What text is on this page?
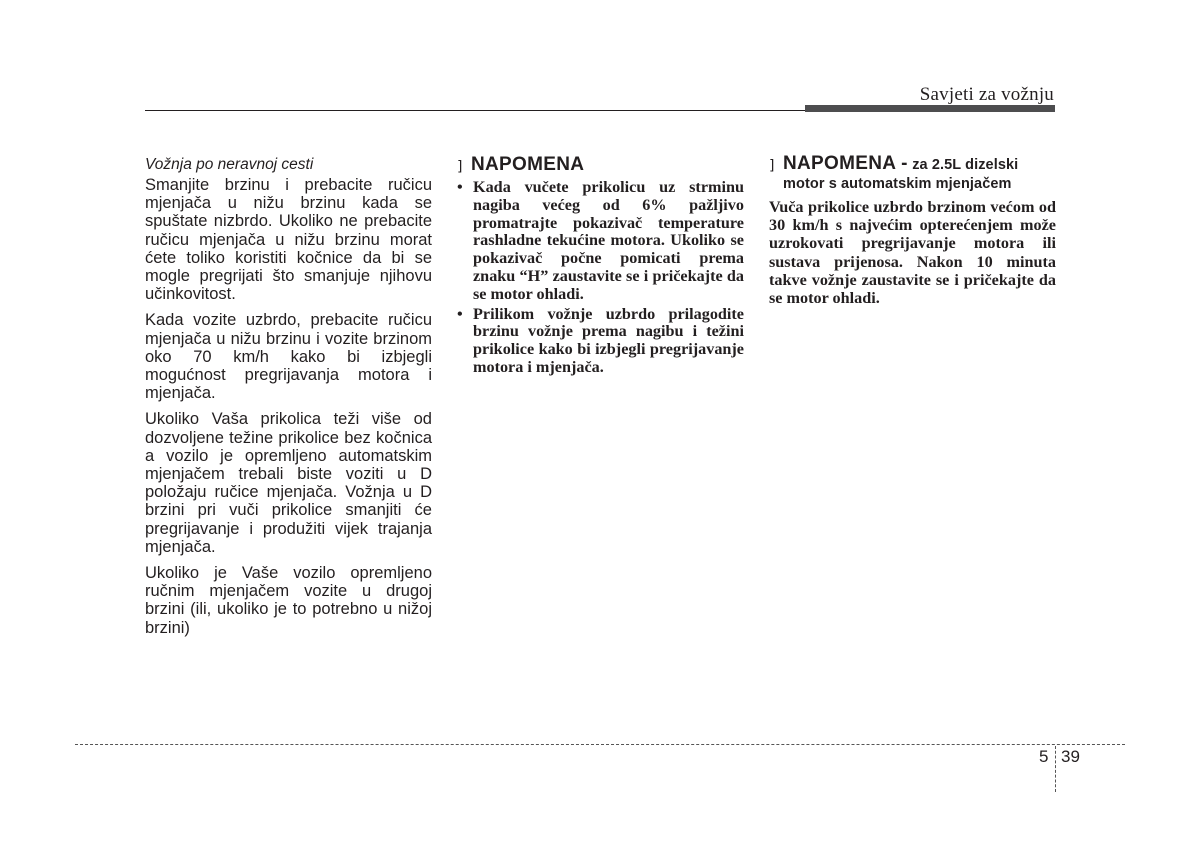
Savjeti za vožnju
Vožnja po neravnoj cesti

Smanjite brzinu i prebacite ručicu mjenjača u nižu brzinu kada se spuštate nizbrdo. Ukoliko ne prebacite ručicu mjenjača u nižu brzinu morat ćete toliko koristiti kočnice da bi se mogle pregrijati što smanjuje njihovu učinkovitost.

Kada vozite uzbrdo, prebacite ručicu mjenjača u nižu brzinu i vozite brzinom oko 70 km/h kako bi izbjegli mogućnost pregrijavanja motora i mjenjača.

Ukoliko Vaša prikolica teži više od dozvoljene težine prikolice bez kočnica a vozilo je opremljeno automatskim mjenjačem trebali biste voziti u D položaju ručice mjenjača. Vožnja u D brzini pri vuči prikolice smanjiti će pregrijavanje i produžiti vijek trajanja mjenjača.

Ukoliko je Vaše vozilo opremljeno ručnim mjenjačem vozite u drugoj brzini (ili, ukoliko je to potrebno u nižoj brzini)

] NAPOMENA
• Kada vučete prikolicu uz strminu nagiba većeg od 6% pažljivo promatrajte pokazivač temperature rashladne tekućine motora. Ukoliko se pokazivač počne pomicati prema znaku “H” zaustavite se i pričekajte da se motor ohladi.
• Prilikom vožnje uzbrdo prilagodite brzinu vožnje prema nagibu i težini prikolice kako bi izbjegli pregrijavanje motora i mjenjača.
] NAPOMENA - za 2.5L dizelski
motor s automatskim mjenjačem

Vuča prikolice uzbrdo brzinom većom od 30 km/h s najvećim opterećenjem može uzrokovati pregrijavanje motora ili sustava prijenosa. Nakon 10 minuta takve vožnje zaustavite se i pričekajte da se motor ohladi.

5 39
